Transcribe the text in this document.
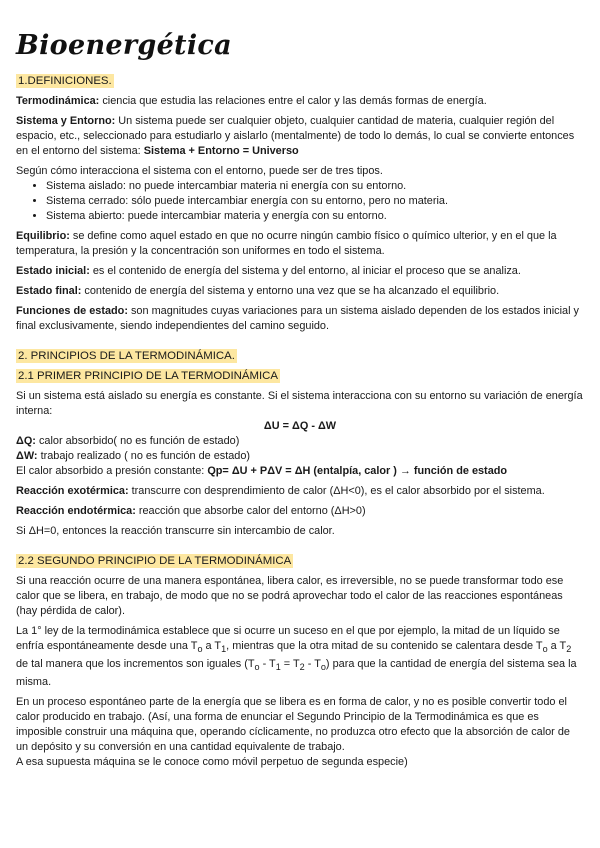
Bioenergética
1.DEFINICIONES.

Termodinámica: ciencia que estudia las relaciones entre el calor y las demás formas de energía.

Sistema y Entorno: Un sistema puede ser cualquier objeto, cualquier cantidad de materia, cualquier región del espacio, etc., seleccionado para estudiarlo y aislarlo (mentalmente) de todo lo demás, lo cual se convierte entonces en el entorno del sistema: Sistema + Entorno = Universo

Según cómo interacciona el sistema con el entorno, puede ser de tres tipos.

• Sistema aislado: no puede intercambiar materia ni energía con su entorno.
• Sistema cerrado: sólo puede intercambiar energía con su entorno, pero no materia.
• Sistema abierto: puede intercambiar materia y energía con su entorno.

Equilibrio: se define como aquel estado en que no ocurre ningún cambio físico o químico ulterior, y en el que la temperatura, la presión y la concentración son uniformes en todo el sistema.

Estado inicial: es el contenido de energía del sistema y del entorno, al iniciar el proceso que se analiza.

Estado final: contenido de energía del sistema y entorno una vez que se ha alcanzado el equilibrio.

Funciones de estado: son magnitudes cuyas variaciones para un sistema aislado dependen de los estados inicial y final exclusivamente, siendo independientes del camino seguido.

2. PRINCIPIOS DE LA TERMODINÁMICA.
2.1 PRIMER PRINCIPIO DE LA TERMODINÁMICA

Si un sistema está aislado su energía es constante. Si el sistema interacciona con su entorno su variación de energía interna:

ΔU = ΔQ - ΔW

ΔQ: calor absorbido( no es función de estado)

ΔW: trabajo realizado ( no es función de estado)

El calor absorbido a presión constante: Qp= ΔU + PΔV = ΔH (entalpía, calor ) → función de estado

Reacción exotérmica: transcurre con desprendimiento de calor (ΔH<0), es el calor absorbido por el sistema.

Reacción endotérmica: reacción que absorbe calor del entorno (ΔH>0)

Si ΔH=0, entonces la reacción transcurre sin intercambio de calor.

2.2 SEGUNDO PRINCIPIO DE LA TERMODINÁMICA

Si una reacción ocurre de una manera espontánea, libera calor, es irreversible, no se puede transformar todo ese calor que se libera, en trabajo, de modo que no se podrá aprovechar todo el calor de las reacciones espontáneas (hay pérdida de calor).

La 1° ley de la termodinámica establece que si ocurre un suceso en el que por ejemplo, la mitad de un líquido se enfría espontáneamente desde una $T_o$ a $T_1$, mientras que la otra mitad de su contenido se calentara desde $T_o$ a $T_2$ de tal manera que los incrementos son iguales $(T_o - T_1 = T_2 - T_o)$ para que la cantidad de energía del sistema sea la misma.

En un proceso espontáneo parte de la energía que se libera es en forma de calor, y no es posible convertir todo el calor producido en trabajo. (Así, una forma de enunciar el Segundo Principio de la Termodinámica es que es imposible construir una máquina que, operando cíclicamente, no produzca otro efecto que la absorción de calor de un depósito y su conversión en una cantidad equivalente de trabajo.

A esa supuesta máquina se le conoce como móvil perpetuo de segunda especie)
